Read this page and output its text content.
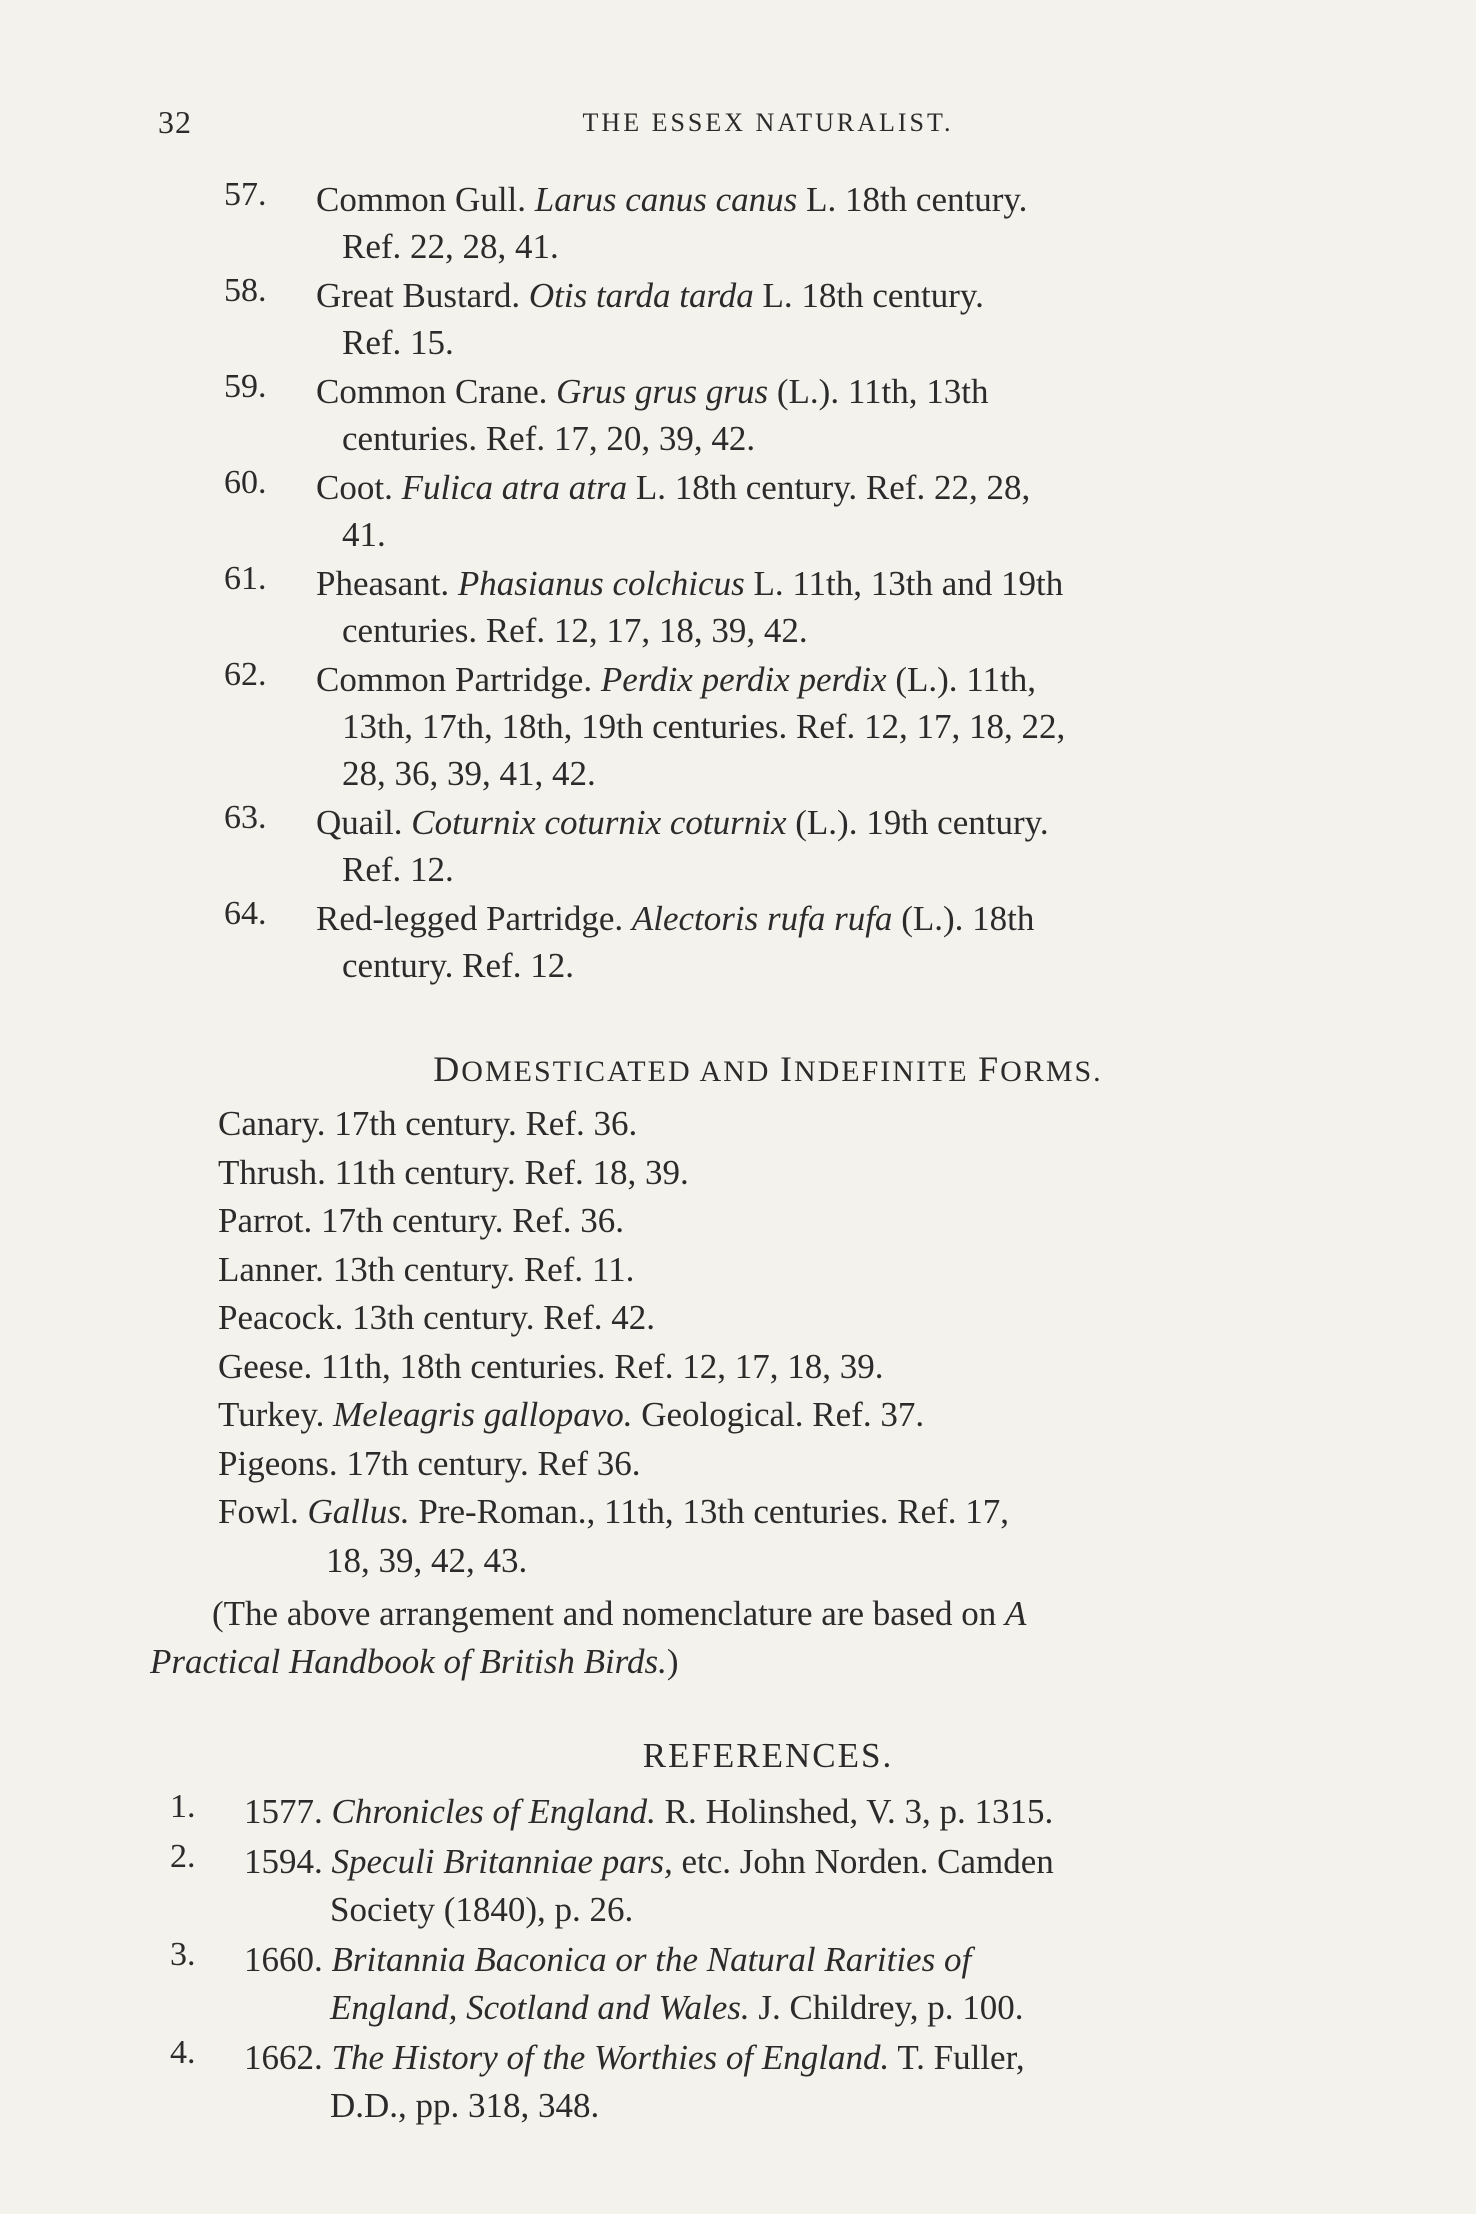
32	THE ESSEX NATURALIST.
57.	Common Gull. Larus canus canus L. 18th century.
Ref. 22, 28, 41.
58.	Great Bustard. Otis tarda tarda L. 18th century.
Ref. 15.
59.	Common Crane. Grus grus grus (L.). 11th, 13th
centuries. Ref. 17, 20, 39, 42.
60.	Coot. Fulica atra atra L. 18th century. Ref. 22, 28,
41.
61.	Pheasant. Phasianus colchicus L. 11th, 13th and 19th
centuries. Ref. 12, 17, 18, 39, 42.
62.	Common Partridge. Perdix perdix perdix (L.). 11th,
13th, 17th, 18th, 19th centuries. Ref. 12, 17, 18, 22,
28, 36, 39, 41, 42.
63.	Quail. Coturnix coturnix coturnix (L.). 19th century.
Ref. 12.
64.	Red-legged Partridge. Alectoris rufa rufa (L.). 18th
century. Ref. 12.
DOMESTICATED AND INDEFINITE FORMS.
Canary. 17th century. Ref. 36.
Thrush. 11th century. Ref. 18, 39.
Parrot. 17th century. Ref. 36.
Lanner. 13th century. Ref. 11.
Peacock. 13th century. Ref. 42.
Geese. 11th, 18th centuries. Ref. 12, 17, 18, 39.
Turkey. Meleagris gallopavo. Geological. Ref. 37.
Pigeons. 17th century. Ref 36.
Fowl. Gallus. Pre-Roman., 11th, 13th centuries. Ref. 17,
18, 39, 42, 43.
(The above arrangement and nomenclature are based on A
Practical Handbook of British Birds.)
REFERENCES.
1.	1577. Chronicles of England. R. Holinshed, V. 3, p. 1315.
2.	1594. Speculi Britanniae pars, etc. John Norden. Camden
Society (1840), p. 26.
3.	1660. Britannia Baconica or the Natural Rarities of
England, Scotland and Wales. J. Childrey, p. 100.
4.	1662. The History of the Worthies of England. T. Fuller,
D.D., pp. 318, 348.
